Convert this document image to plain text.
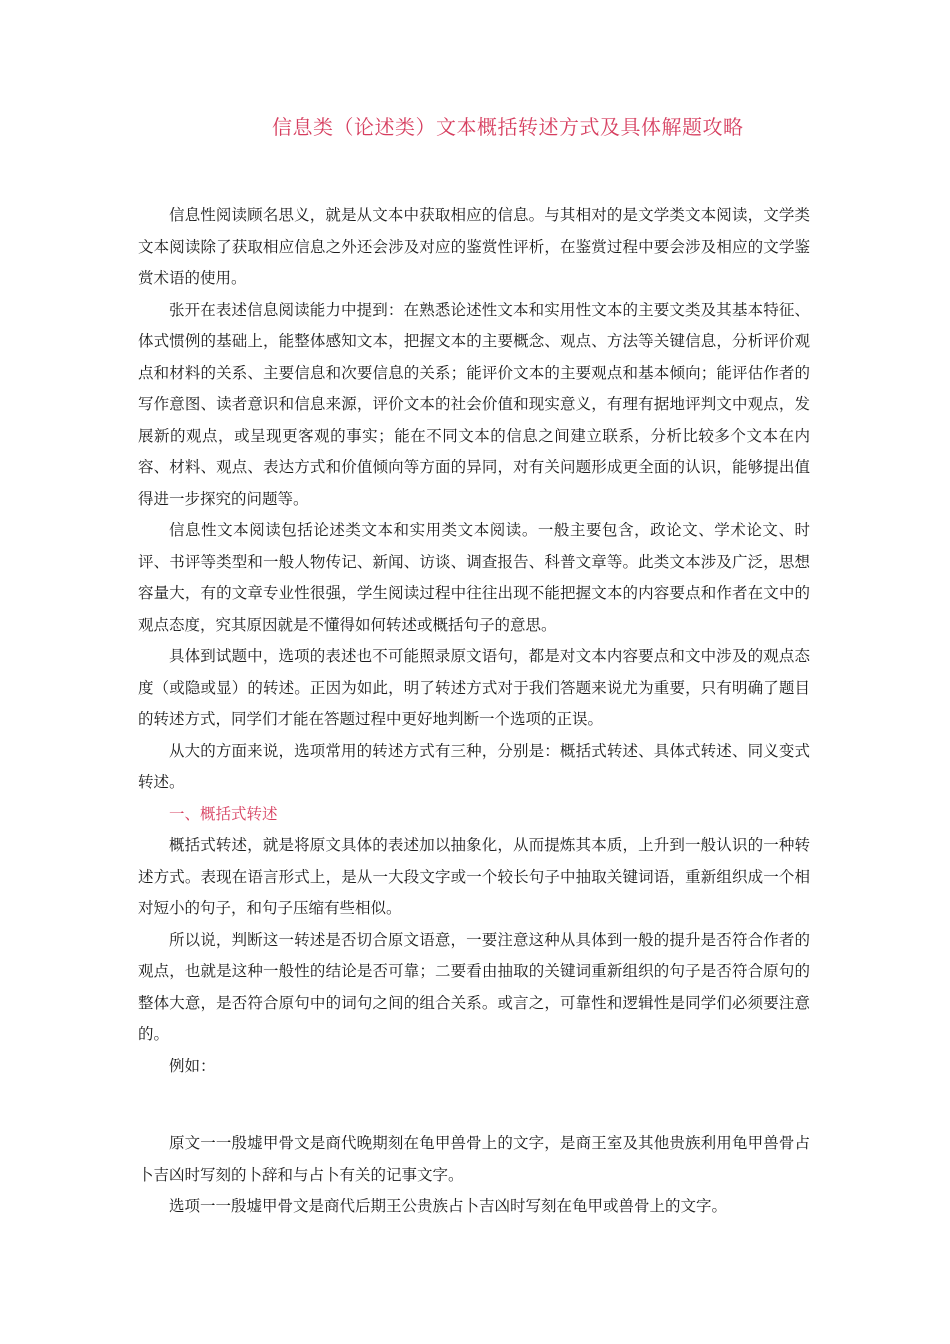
信息类（论述类）文本概括转述方式及具体解题攻略

信息性阅读顾名思义，就是从文本中获取相应的信息。与其相对的是文学类文本阅读，文学类文本阅读除了获取相应信息之外还会涉及对应的鉴赏性评析，在鉴赏过程中要会涉及相应的文学鉴赏术语的使用。

张开在表述信息阅读能力中提到：在熟悉论述性文本和实用性文本的主要文类及其基本特征、体式惯例的基础上，能整体感知文本，把握文本的主要概念、观点、方法等关键信息，分析评价观点和材料的关系、主要信息和次要信息的关系；能评价文本的主要观点和基本倾向；能评估作者的写作意图、读者意识和信息来源，评价文本的社会价值和现实意义，有理有据地评判文中观点，发展新的观点，或呈现更客观的事实；能在不同文本的信息之间建立联系，分析比较多个文本在内容、材料、观点、表达方式和价值倾向等方面的异同，对有关问题形成更全面的认识，能够提出值得进一步探究的问题等。

信息性文本阅读包括论述类文本和实用类文本阅读。一般主要包含，政论文、学术论文、时评、书评等类型和一般人物传记、新闻、访谈、调查报告、科普文章等。此类文本涉及广泛，思想容量大，有的文章专业性很强，学生阅读过程中往往出现不能把握文本的内容要点和作者在文中的观点态度，究其原因就是不懂得如何转述或概括句子的意思。

具体到试题中，选项的表述也不可能照录原文语句，都是对文本内容要点和文中涉及的观点态度（或隐或显）的转述。正因为如此，明了转述方式对于我们答题来说尤为重要，只有明确了题目的转述方式，同学们才能在答题过程中更好地判断一个选项的正误。

从大的方面来说，选项常用的转述方式有三种，分别是：概括式转述、具体式转述、同义变式转述。

一、概括式转述

概括式转述，就是将原文具体的表述加以抽象化，从而提炼其本质，上升到一般认识的一种转述方式。表现在语言形式上，是从一大段文字或一个较长句子中抽取关键词语，重新组织成一个相对短小的句子，和句子压缩有些相似。

所以说，判断这一转述是否切合原文语意，一要注意这种从具体到一般的提升是否符合作者的观点，也就是这种一般性的结论是否可靠；二要看由抽取的关键词重新组织的句子是否符合原句的整体大意，是否符合原句中的词句之间的组合关系。或言之，可靠性和逻辑性是同学们必须要注意的。

例如：

原文一一殷墟甲骨文是商代晚期刻在龟甲兽骨上的文字，是商王室及其他贵族利用龟甲兽骨占卜吉凶时写刻的卜辞和与占卜有关的记事文字。

选项一一殷墟甲骨文是商代后期王公贵族占卜吉凶时写刻在龟甲或兽骨上的文字。
